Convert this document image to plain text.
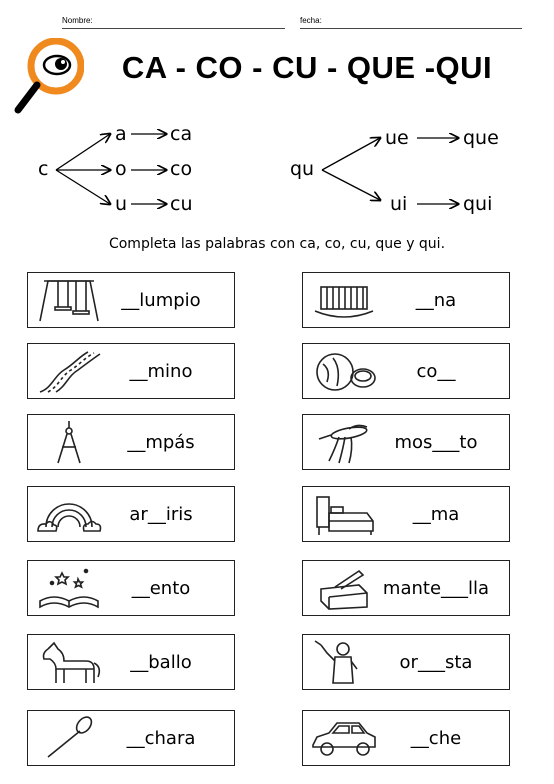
Nombre:	fecha:
CA - CO - CU - QUE -QUI
c
a
o
u
ca
co
cu
qu
ue
ui
que
qui
Completa las palabras con ca, co, cu, que y qui.
__lumpio
__mino
__mpás
ar__iris
__ento
__ballo
__chara
__na
co__
mos___to
__ma
mante___lla
or___sta
__che
